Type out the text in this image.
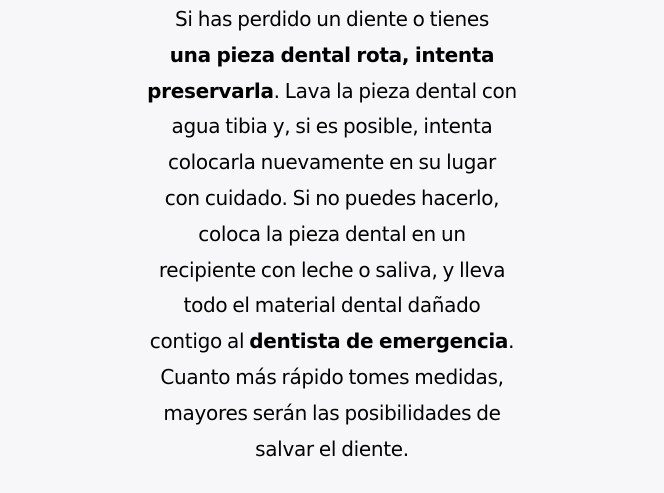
Si has perdido un diente o tienes
una pieza dental rota, intenta
preservarla. Lava la pieza dental con
agua tibia y, si es posible, intenta
colocarla nuevamente en su lugar
con cuidado. Si no puedes hacerlo,
coloca la pieza dental en un
recipiente con leche o saliva, y lleva
todo el material dental dañado
contigo al dentista de emergencia.
Cuanto más rápido tomes medidas,
mayores serán las posibilidades de
salvar el diente.
